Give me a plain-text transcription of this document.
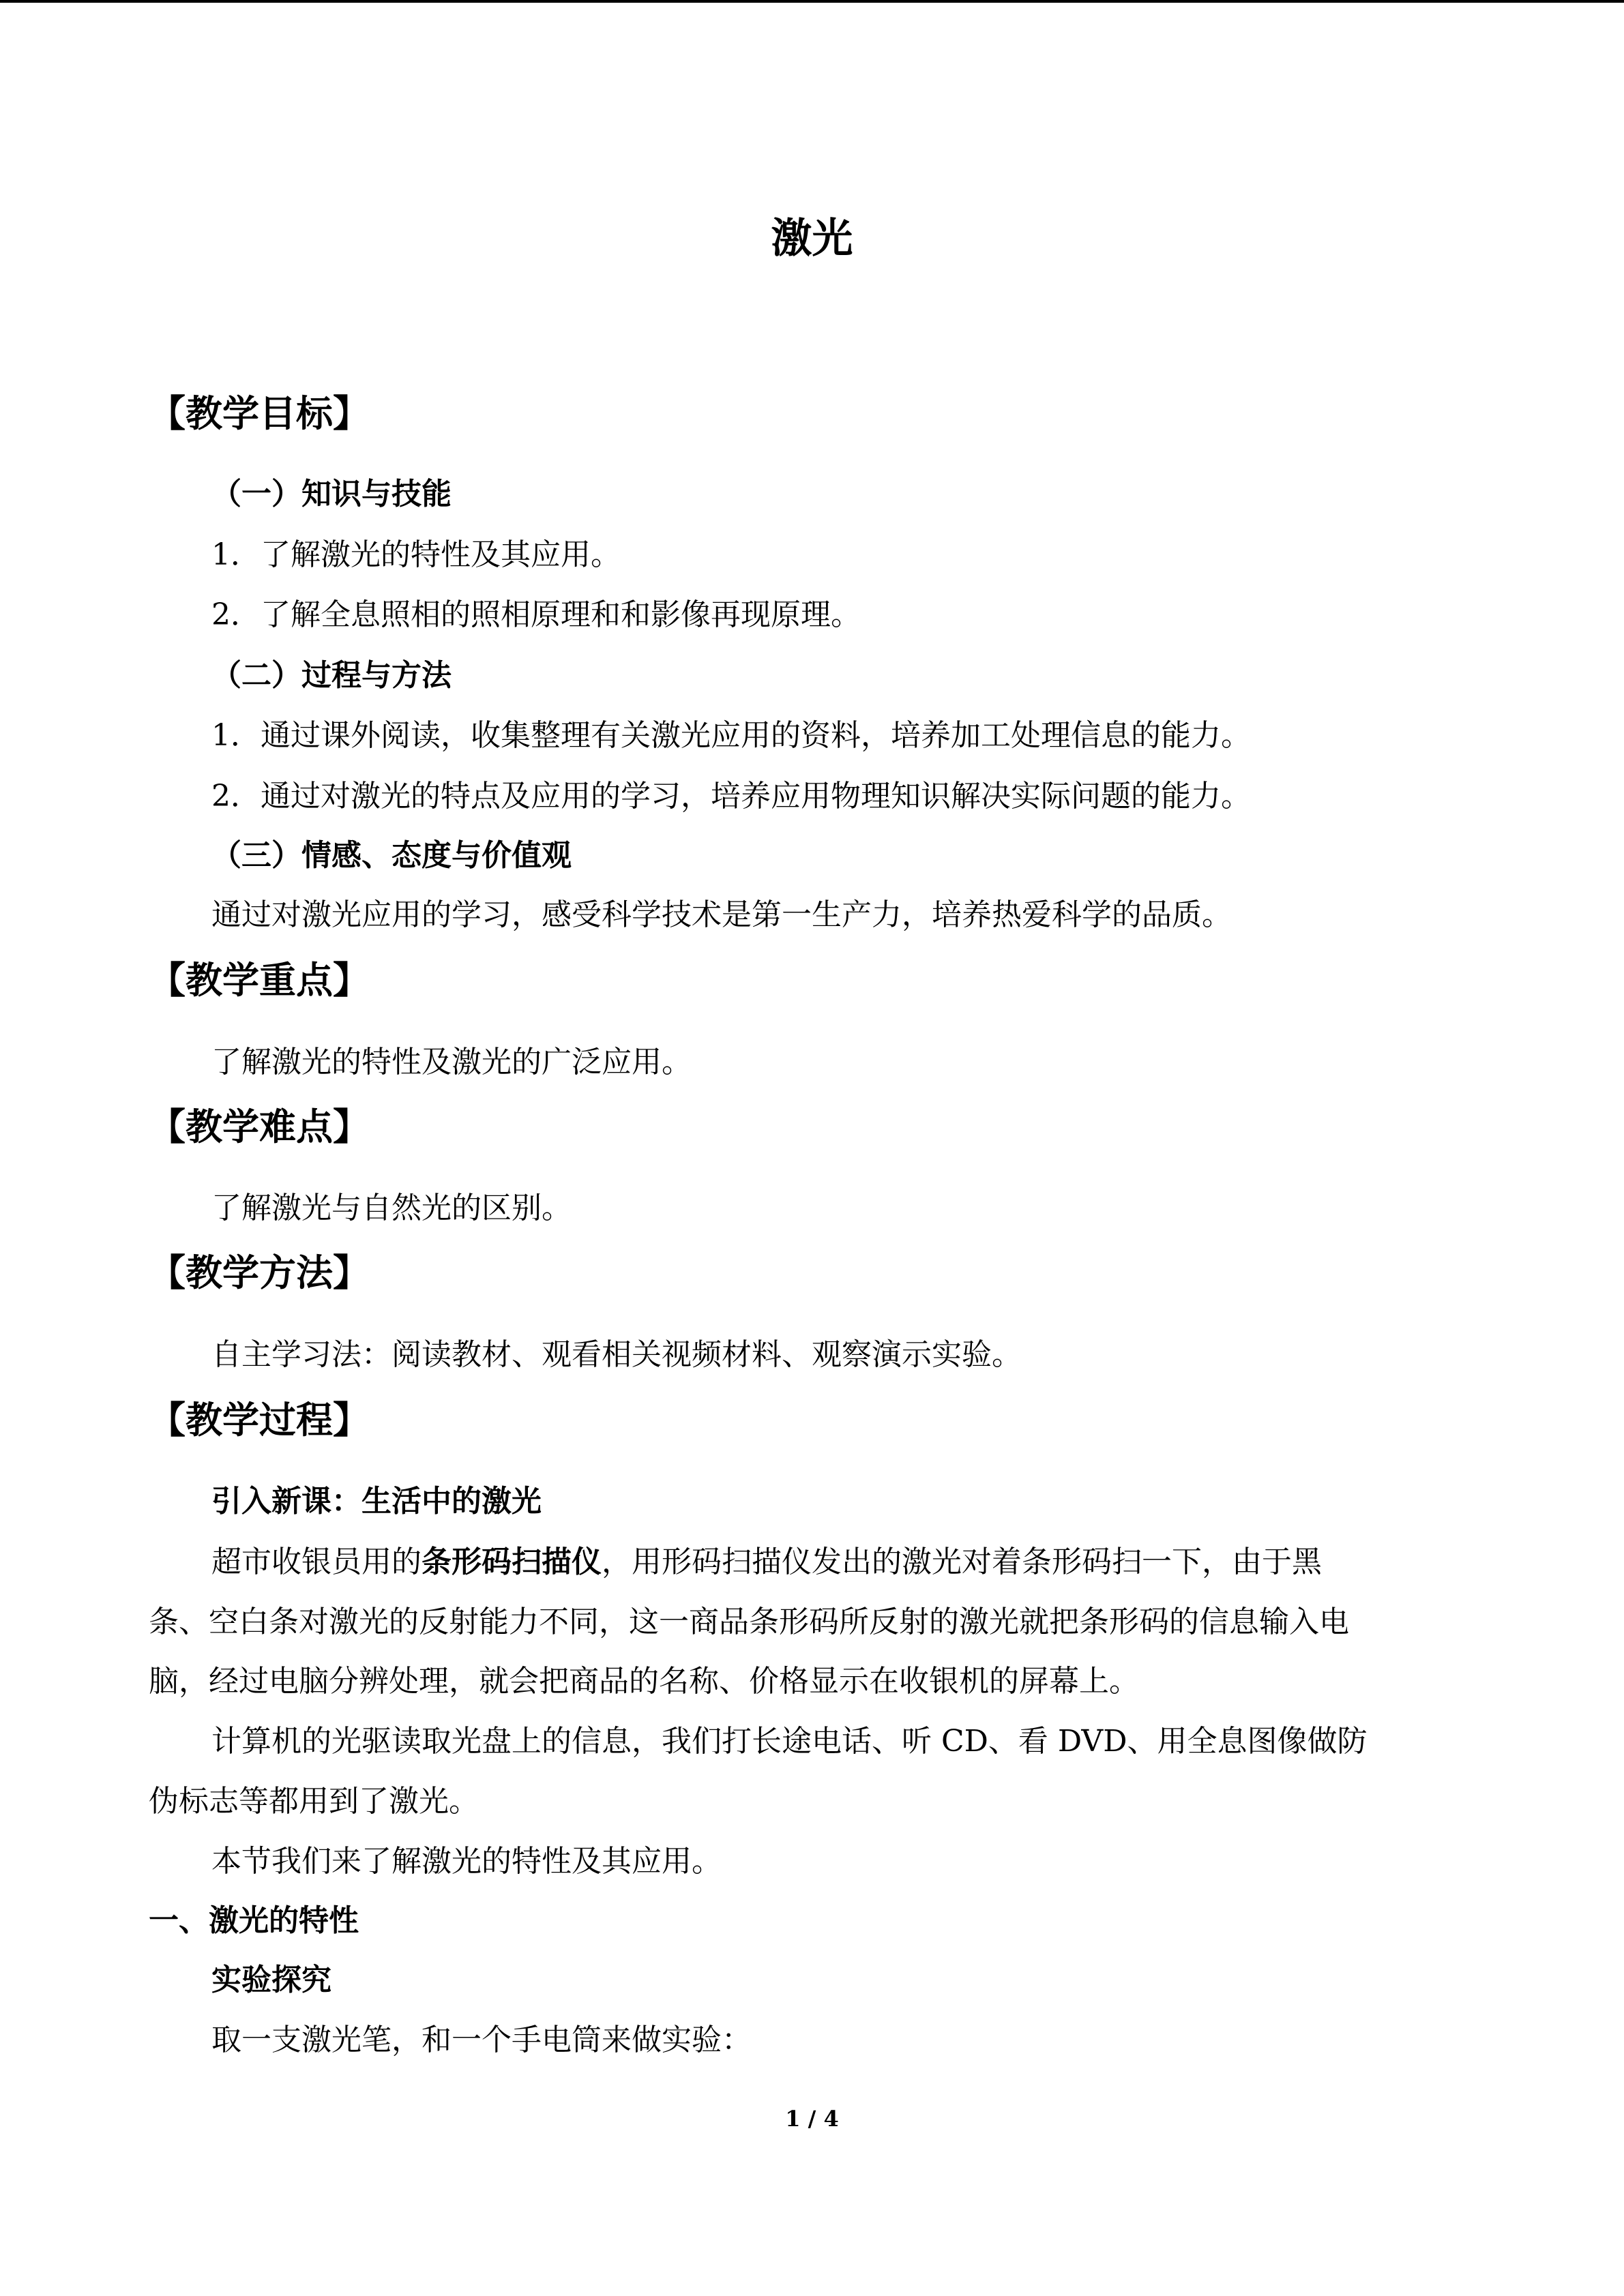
激光
【教学目标】
（一）知识与技能
1．了解激光的特性及其应用。
2．了解全息照相的照相原理和和影像再现原理。
（二）过程与方法
1．通过课外阅读，收集整理有关激光应用的资料，培养加工处理信息的能力。
2．通过对激光的特点及应用的学习，培养应用物理知识解决实际问题的能力。
（三）情感、态度与价值观
通过对激光应用的学习，感受科学技术是第一生产力，培养热爱科学的品质。
【教学重点】
了解激光的特性及激光的广泛应用。
【教学难点】
了解激光与自然光的区别。
【教学方法】
自主学习法：阅读教材、观看相关视频材料、观察演示实验。
【教学过程】
引入新课：生活中的激光
超市收银员用的条形码扫描仪，用形码扫描仪发出的激光对着条形码扫一下，由于黑
条、空白条对激光的反射能力不同，这一商品条形码所反射的激光就把条形码的信息输入电
脑，经过电脑分辨处理，就会把商品的名称、价格显示在收银机的屏幕上。
计算机的光驱读取光盘上的信息，我们打长途电话、听 CD、看 DVD、用全息图像做防
伪标志等都用到了激光。
本节我们来了解激光的特性及其应用。
一、激光的特性
实验探究
取一支激光笔，和一个手电筒来做实验：
1 / 4
